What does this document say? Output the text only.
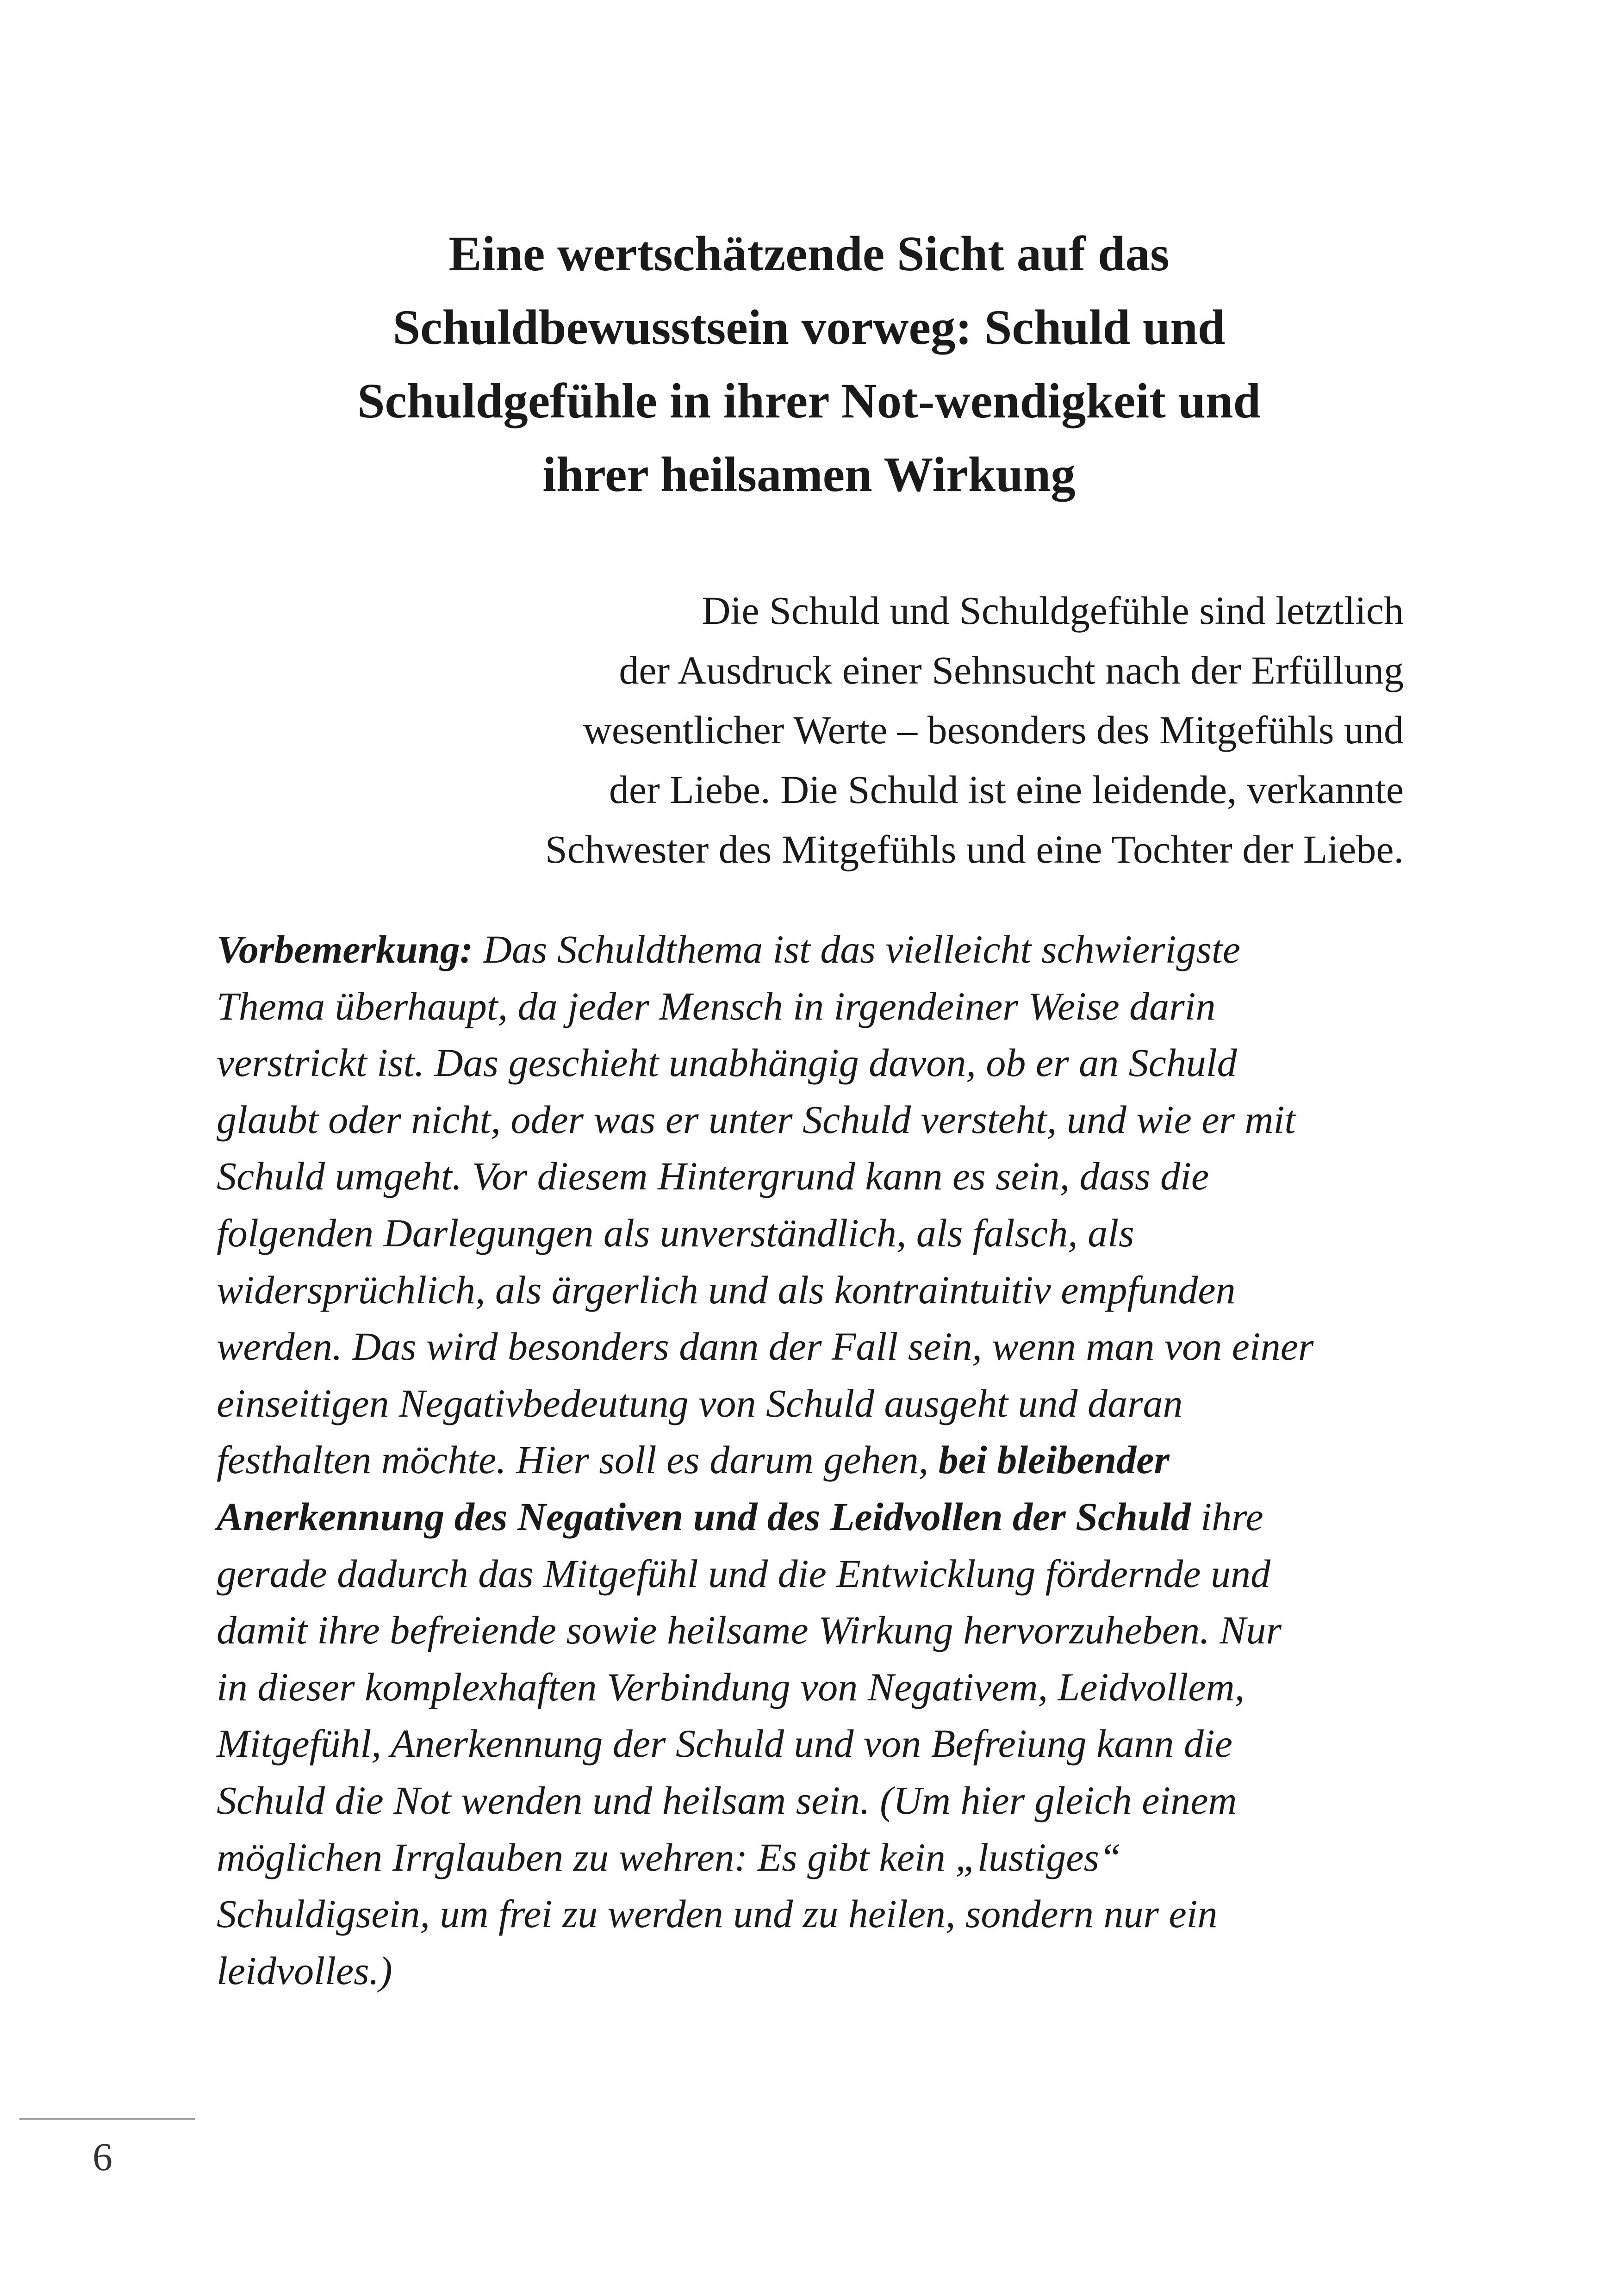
Eine wertschätzende Sicht auf das
Schuldbewusstsein vorweg: Schuld und
Schuldgefühle in ihrer Not-wendigkeit und
ihrer heilsamen Wirkung
Die Schuld und Schuldgefühle sind letztlich
der Ausdruck einer Sehnsucht nach der Erfüllung
wesentlicher Werte – besonders des Mitgefühls und
der Liebe. Die Schuld ist eine leidende, verkannte
Schwester des Mitgefühls und eine Tochter der Liebe.
Vorbemerkung: Das Schuldthema ist das vielleicht schwierigste
Thema überhaupt, da jeder Mensch in irgendeiner Weise darin
verstrickt ist. Das geschieht unabhängig davon, ob er an Schuld
glaubt oder nicht, oder was er unter Schuld versteht, und wie er mit
Schuld umgeht. Vor diesem Hintergrund kann es sein, dass die
folgenden Darlegungen als unverständlich, als falsch, als
widersprüchlich, als ärgerlich und als kontraintuitiv empfunden
werden. Das wird besonders dann der Fall sein, wenn man von einer
einseitigen Negativbedeutung von Schuld ausgeht und daran
festhalten möchte. Hier soll es darum gehen, bei bleibender
Anerkennung des Negativen und des Leidvollen der Schuld ihre
gerade dadurch das Mitgefühl und die Entwicklung fördernde und
damit ihre befreiende sowie heilsame Wirkung hervorzuheben. Nur
in dieser komplexhaften Verbindung von Negativem, Leidvollem,
Mitgefühl, Anerkennung der Schuld und von Befreiung kann die
Schuld die Not wenden und heilsam sein. (Um hier gleich einem
möglichen Irrglauben zu wehren: Es gibt kein „lustiges“
Schuldigsein, um frei zu werden und zu heilen, sondern nur ein
leidvolles.)
6
